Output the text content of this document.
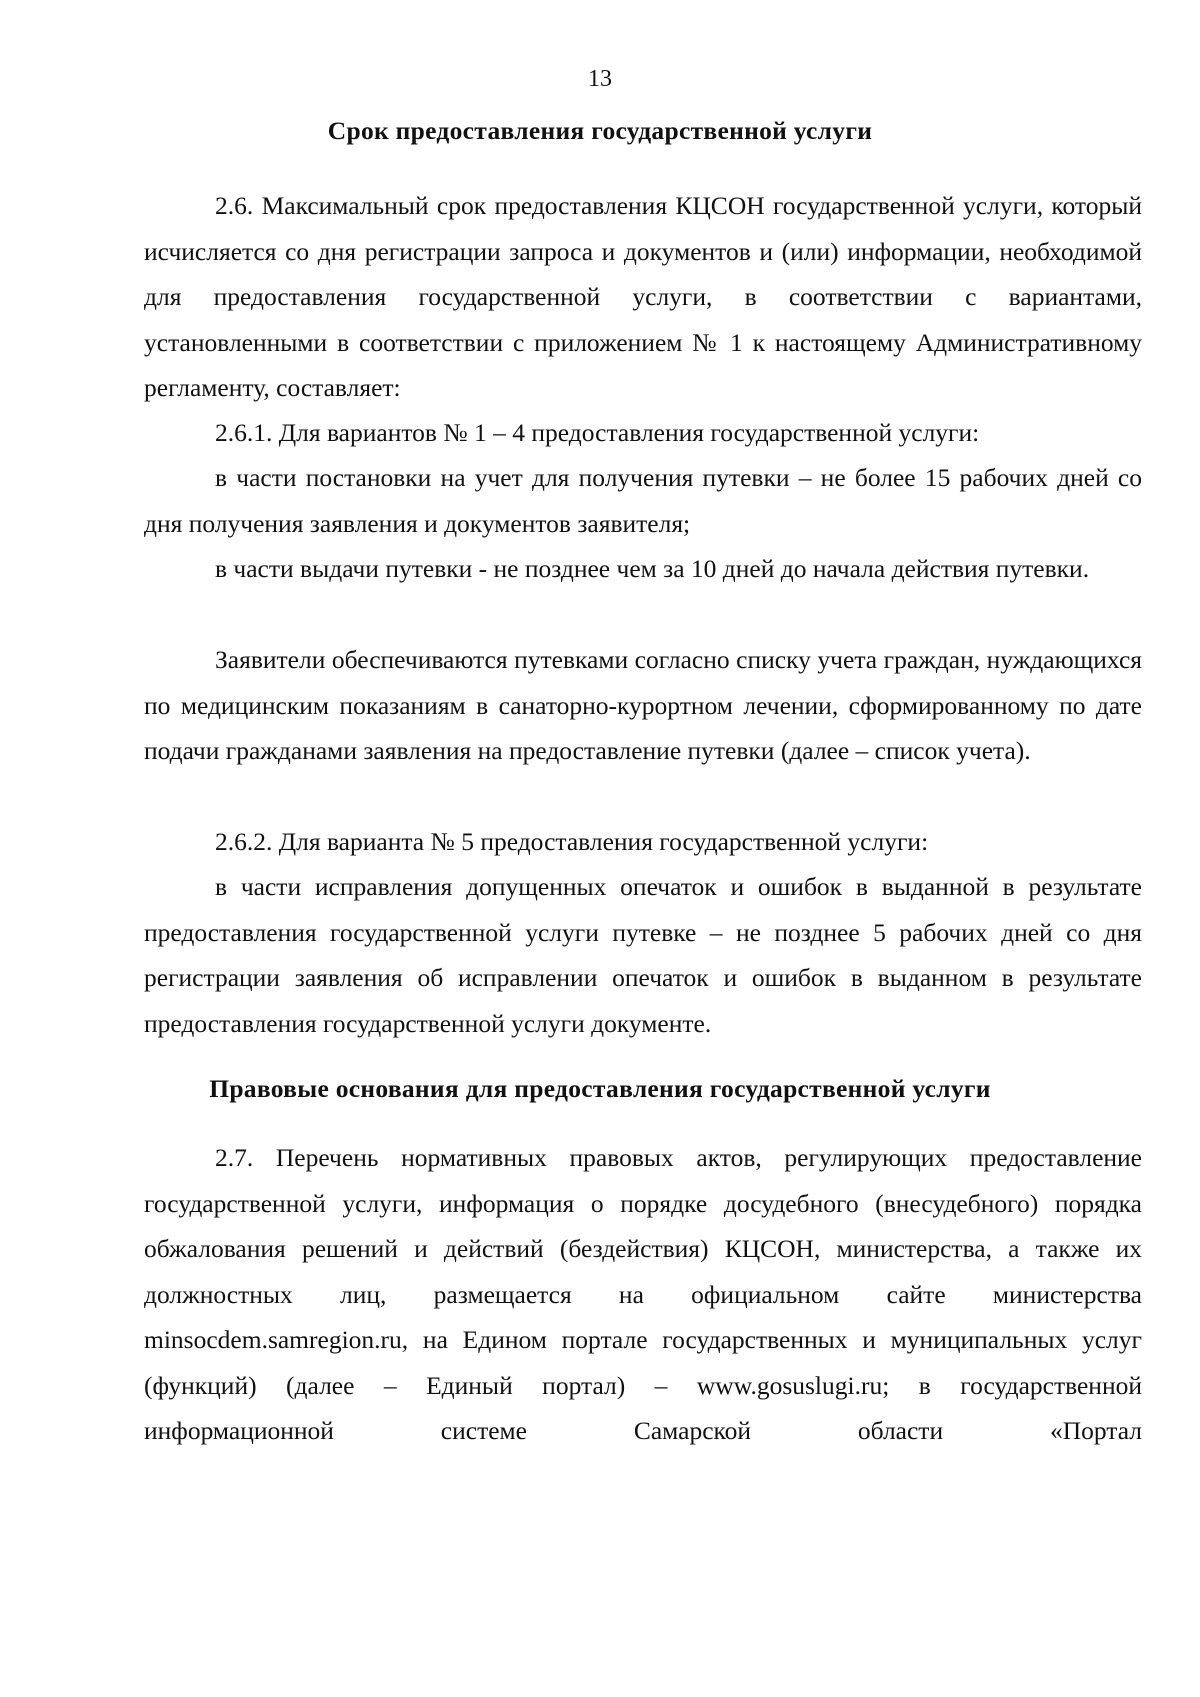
13
Срок предоставления государственной услуги

2.6. Максимальный срок предоставления КЦСОН государственной услуги, который исчисляется со дня регистрации запроса и документов и (или) информации, необходимой для предоставления государственной услуги, в соответствии с вариантами, установленными в соответствии с приложением № 1 к настоящему Административному регламенту, составляет:

2.6.1. Для вариантов № 1 – 4 предоставления государственной услуги:

в части постановки на учет для получения путевки – не более 15 рабочих дней со дня получения заявления и документов заявителя;

в части выдачи путевки - не позднее чем за 10 дней до начала действия путевки.

Заявители обеспечиваются путевками согласно списку учета граждан, нуждающихся по медицинским показаниям в санаторно-курортном лечении, сформированному по дате подачи гражданами заявления на предоставление путевки (далее – список учета).

2.6.2. Для варианта № 5 предоставления государственной услуги:

в части исправления допущенных опечаток и ошибок в выданной в результате предоставления государственной услуги путевке – не позднее 5 рабочих дней со дня регистрации заявления об исправлении опечаток и ошибок в выданном в результате предоставления государственной услуги документе.

Правовые основания для предоставления государственной услуги

2.7. Перечень нормативных правовых актов, регулирующих предоставление государственной услуги, информация о порядке досудебного (внесудебного) порядка обжалования решений и действий (бездействия) КЦСОН, министерства, а также их должностных лиц, размещается на официальном сайте министерства minsocdem.samregion.ru, на Едином портале государственных и муниципальных услуг (функций) (далее – Единый портал) – www.gosuslugi.ru; в государственной информационной системе Самарской области «Портал
